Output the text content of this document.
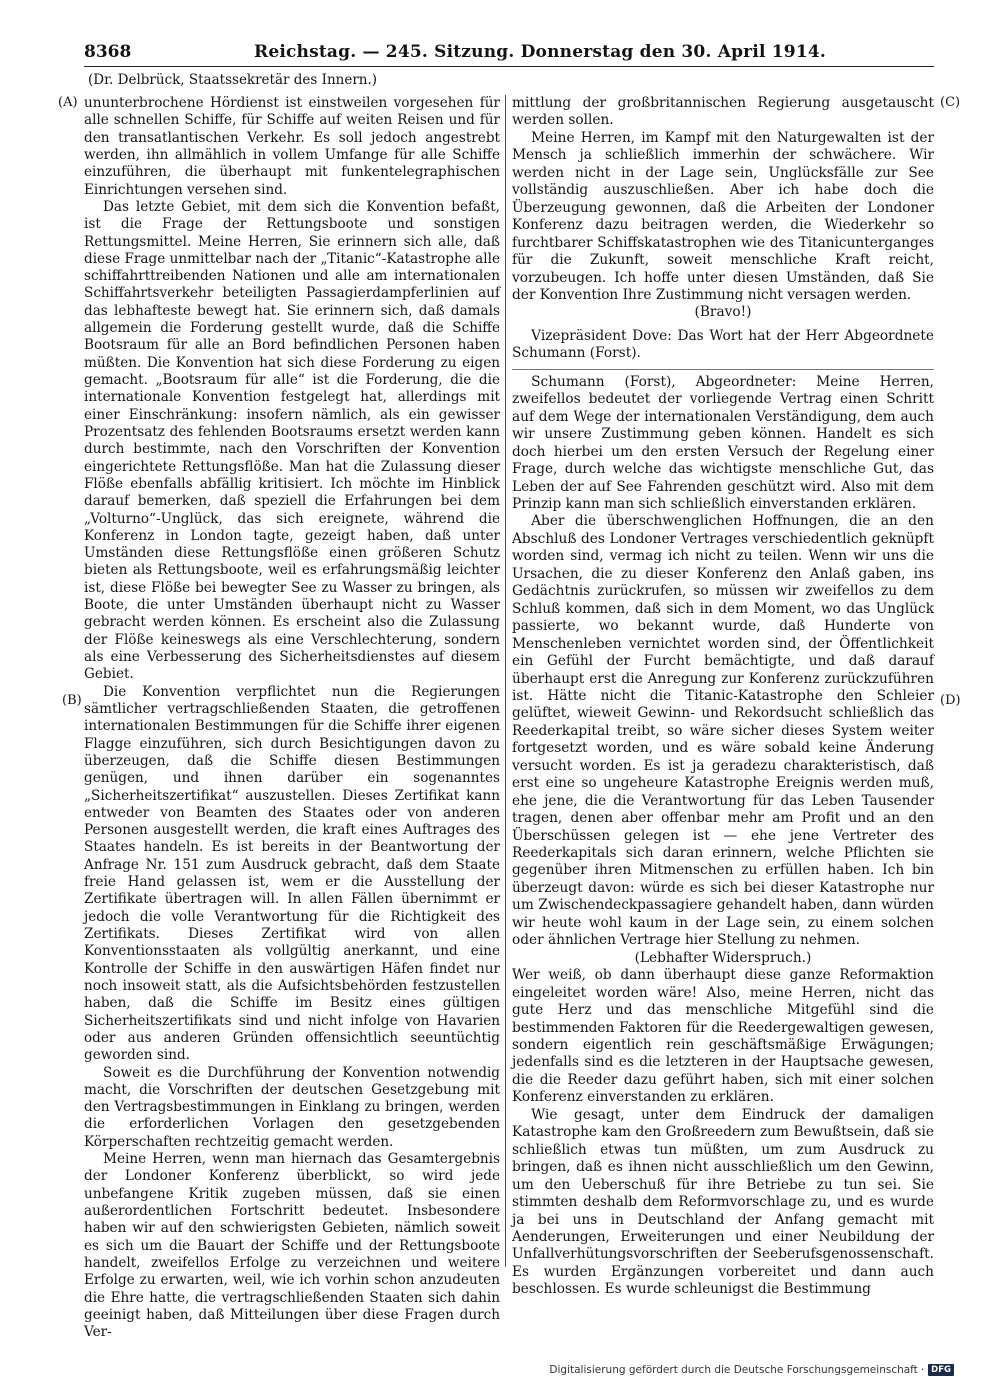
8368	Reichstag. — 245. Sitzung. Donnerstag den 30. April 1914.
(Dr. Delbrück, Staatssekretär des Innern.)
(A)
(B)
(C)
(D)

ununterbrochene Hördienst ist einstweilen vorgesehen für alle schnellen Schiffe, für Schiffe auf weiten Reisen und für den transatlantischen Verkehr. Es soll jedoch angestrebt werden, ihn allmählich in vollem Umfange für alle Schiffe einzuführen, die überhaupt mit funkentelegraphischen Einrichtungen versehen sind.

Das letzte Gebiet, mit dem sich die Konvention befaßt, ist die Frage der Rettungsboote und sonstigen Rettungsmittel. Meine Herren, Sie erinnern sich alle, daß diese Frage unmittelbar nach der „Titanic“-Katastrophe alle schiffahrttreibenden Nationen und alle am internationalen Schiffahrtsverkehr beteiligten Passagierdampferlinien auf das lebhafteste bewegt hat. Sie erinnern sich, daß damals allgemein die Forderung gestellt wurde, daß die Schiffe Bootsraum für alle an Bord befindlichen Personen haben müßten. Die Konvention hat sich diese Forderung zu eigen gemacht. „Bootsraum für alle“ ist die Forderung, die die internationale Konvention festgelegt hat, allerdings mit einer Einschränkung: insofern nämlich, als ein gewisser Prozentsatz des fehlenden Bootsraums ersetzt werden kann durch bestimmte, nach den Vorschriften der Konvention eingerichtete Rettungsflöße. Man hat die Zulassung dieser Flöße ebenfalls abfällig kritisiert. Ich möchte im Hinblick darauf bemerken, daß speziell die Erfahrungen bei dem „Volturno“-Unglück, das sich ereignete, während die Konferenz in London tagte, gezeigt haben, daß unter Umständen diese Rettungsflöße einen größeren Schutz bieten als Rettungsboote, weil es erfahrungsmäßig leichter ist, diese Flöße bei bewegter See zu Wasser zu bringen, als Boote, die unter Umständen überhaupt nicht zu Wasser gebracht werden können. Es erscheint also die Zulassung der Flöße keineswegs als eine Verschlechterung, sondern als eine Verbesserung des Sicherheitsdienstes auf diesem Gebiet.

Die Konvention verpflichtet nun die Regierungen sämtlicher vertragschließenden Staaten, die getroffenen internationalen Bestimmungen für die Schiffe ihrer eigenen Flagge einzuführen, sich durch Besichtigungen davon zu überzeugen, daß die Schiffe diesen Bestimmungen genügen, und ihnen darüber ein sogenanntes „Sicherheitszertifikat“ auszustellen. Dieses Zertifikat kann entweder von Beamten des Staates oder von anderen Personen ausgestellt werden, die kraft eines Auftrages des Staates handeln. Es ist bereits in der Beantwortung der Anfrage Nr. 151 zum Ausdruck gebracht, daß dem Staate freie Hand gelassen ist, wem er die Ausstellung der Zertifikate übertragen will. In allen Fällen übernimmt er jedoch die volle Verantwortung für die Richtigkeit des Zertifikats. Dieses Zertifikat wird von allen Konventionsstaaten als vollgültig anerkannt, und eine Kontrolle der Schiffe in den auswärtigen Häfen findet nur noch insoweit statt, als die Aufsichtsbehörden festzustellen haben, daß die Schiffe im Besitz eines gültigen Sicherheitszertifikats sind und nicht infolge von Havarien oder aus anderen Gründen offensichtlich seeuntüchtig geworden sind.

Soweit es die Durchführung der Konvention notwendig macht, die Vorschriften der deutschen Gesetzgebung mit den Vertragsbestimmungen in Einklang zu bringen, werden die erforderlichen Vorlagen den gesetzgebenden Körperschaften rechtzeitig gemacht werden.

Meine Herren, wenn man hiernach das Gesamtergebnis der Londoner Konferenz überblickt, so wird jede unbefangene Kritik zugeben müssen, daß sie einen außerordentlichen Fortschritt bedeutet. Insbesondere haben wir auf den schwierigsten Gebieten, nämlich soweit es sich um die Bauart der Schiffe und der Rettungsboote handelt, zweifellos Erfolge zu verzeichnen und weitere Erfolge zu erwarten, weil, wie ich vorhin schon anzudeuten die Ehre hatte, die vertragschließenden Staaten sich dahin geeinigt haben, daß Mitteilungen über diese Fragen durch Ver-

mittlung der großbritannischen Regierung ausgetauscht werden sollen.

Meine Herren, im Kampf mit den Naturgewalten ist der Mensch ja schließlich immerhin der schwächere. Wir werden nicht in der Lage sein, Unglücksfälle zur See vollständig auszuschließen. Aber ich habe doch die Überzeugung gewonnen, daß die Arbeiten der Londoner Konferenz dazu beitragen werden, die Wiederkehr so furchtbarer Schiffskatastrophen wie des Titanicunterganges für die Zukunft, soweit menschliche Kraft reicht, vorzubeugen. Ich hoffe unter diesen Umständen, daß Sie der Konvention Ihre Zustimmung nicht versagen werden.

(Bravo!)

Vizepräsident Dove: Das Wort hat der Herr Abgeordnete Schumann (Forst).

Schumann (Forst), Abgeordneter: Meine Herren, zweifellos bedeutet der vorliegende Vertrag einen Schritt auf dem Wege der internationalen Verständigung, dem auch wir unsere Zustimmung geben können. Handelt es sich doch hierbei um den ersten Versuch der Regelung einer Frage, durch welche das wichtigste menschliche Gut, das Leben der auf See Fahrenden geschützt wird. Also mit dem Prinzip kann man sich schließlich einverstanden erklären.

Aber die überschwenglichen Hoffnungen, die an den Abschluß des Londoner Vertrages verschiedentlich geknüpft worden sind, vermag ich nicht zu teilen. Wenn wir uns die Ursachen, die zu dieser Konferenz den Anlaß gaben, ins Gedächtnis zurückrufen, so müssen wir zweifellos zu dem Schluß kommen, daß sich in dem Moment, wo das Unglück passierte, wo bekannt wurde, daß Hunderte von Menschenleben vernichtet worden sind, der Öffentlichkeit ein Gefühl der Furcht bemächtigte, und daß darauf überhaupt erst die Anregung zur Konferenz zurückzuführen ist. Hätte nicht die Titanic-Katastrophe den Schleier gelüftet, wieweit Gewinn- und Rekordsucht schließlich das Reederkapital treibt, so wäre sicher dieses System weiter fortgesetzt worden, und es wäre sobald keine Änderung versucht worden. Es ist ja geradezu charakteristisch, daß erst eine so ungeheure Katastrophe Ereignis werden muß, ehe jene, die die Verantwortung für das Leben Tausender tragen, denen aber offenbar mehr am Profit und an den Überschüssen gelegen ist — ehe jene Vertreter des Reederkapitals sich daran erinnern, welche Pflichten sie gegenüber ihren Mitmenschen zu erfüllen haben. Ich bin überzeugt davon: würde es sich bei dieser Katastrophe nur um Zwischendeckpassagiere gehandelt haben, dann würden wir heute wohl kaum in der Lage sein, zu einem solchen oder ähnlichen Vertrage hier Stellung zu nehmen.

(Lebhafter Widerspruch.)

Wer weiß, ob dann überhaupt diese ganze Reformaktion eingeleitet worden wäre! Also, meine Herren, nicht das gute Herz und das menschliche Mitgefühl sind die bestimmenden Faktoren für die Reedergewaltigen gewesen, sondern eigentlich rein geschäftsmäßige Erwägungen; jedenfalls sind es die letzteren in der Hauptsache gewesen, die die Reeder dazu geführt haben, sich mit einer solchen Konferenz einverstanden zu erklären.

Wie gesagt, unter dem Eindruck der damaligen Katastrophe kam den Großreedern zum Bewußtsein, daß sie schließlich etwas tun müßten, um zum Ausdruck zu bringen, daß es ihnen nicht ausschließlich um den Gewinn, um den Ueberschuß für ihre Betriebe zu tun sei. Sie stimmten deshalb dem Reformvorschlage zu, und es wurde ja bei uns in Deutschland der Anfang gemacht mit Aenderungen, Erweiterungen und einer Neubildung der Unfallverhütungsvorschriften der Seeberufsgenossenschaft. Es wurden Ergänzungen vorbereitet und dann auch beschlossen. Es wurde schleunigst die Bestimmung

Digitalisierung gefördert durch die Deutsche Forschungsgemeinschaft · DFG
